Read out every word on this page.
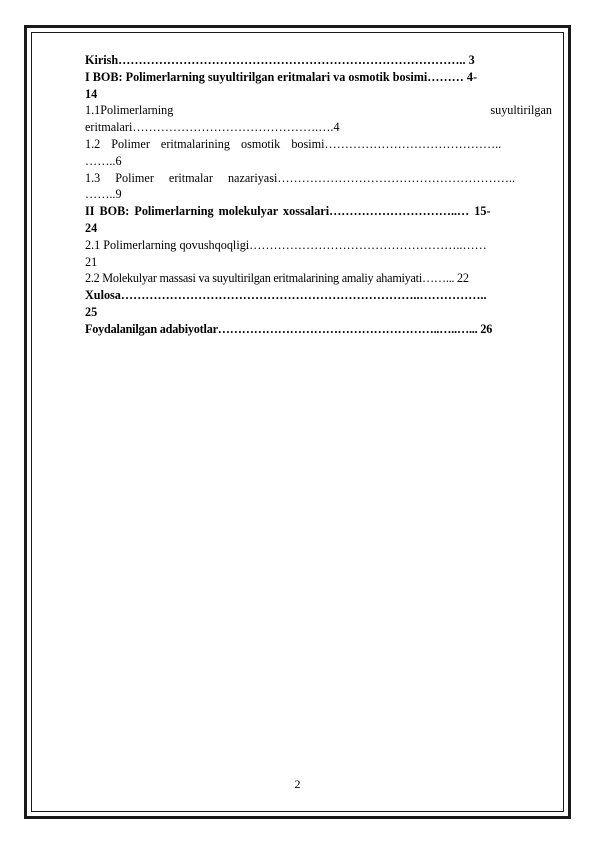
Kirish………………………………………………………………………….. 3
I BOB: Polimerlarning suyultirilgan eritmalari va osmotik bosimi……… 4-
14
1.1Polimerlarning suyultirilgan
eritmalari……………………………………….….4
1.2 Polimer eritmalarining osmotik bosimi……………………………………..
……..6
1.3 Polimer eritmalar nazariyasi…………………………………………………..
……..9
II BOB: Polimerlarning molekulyar xossalari…………………………..… 15-
24
2.1 Polimerlarning qovushqoqligi……………………………………………..……
21
2.2 Molekulyar massasi va suyultirilgan eritmalarining amaliy ahamiyati……... 22
Xulosa………………………………………………………………..……………..
25
Foydalanilgan adabiyotlar………………………………………………..…..…... 26
2
